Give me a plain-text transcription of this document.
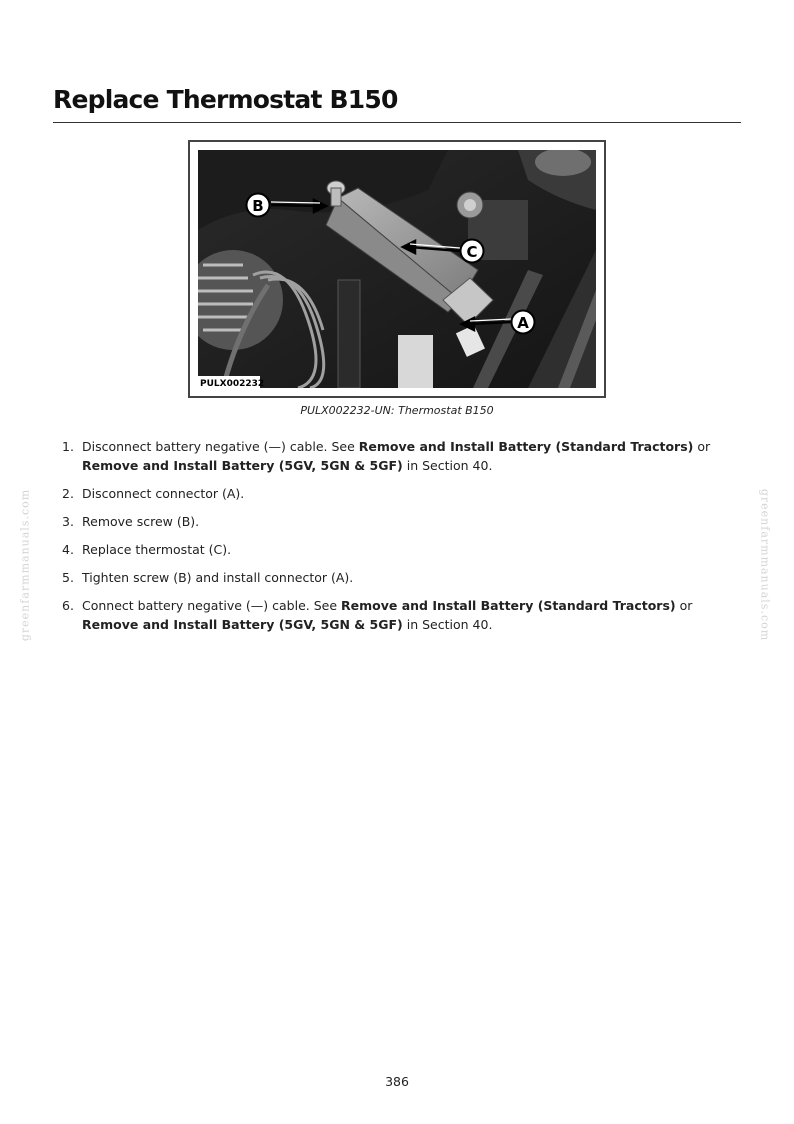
Replace Thermostat B150
B
C
A
PULX002232
PULX002232-UN: Thermostat B150
1. Disconnect battery negative (—) cable. See Remove and Install Battery (Standard Tractors) or Remove and Install Battery (5GV, 5GN & 5GF) in Section 40.
2. Disconnect connector (A).
3. Remove screw (B).
4. Replace thermostat (C).
5. Tighten screw (B) and install connector (A).
6. Connect battery negative (—) cable. See Remove and Install Battery (Standard Tractors) or Remove and Install Battery (5GV, 5GN & 5GF) in Section 40.
greenfarmmanuals.com	greenfarmmanuals.com
386
